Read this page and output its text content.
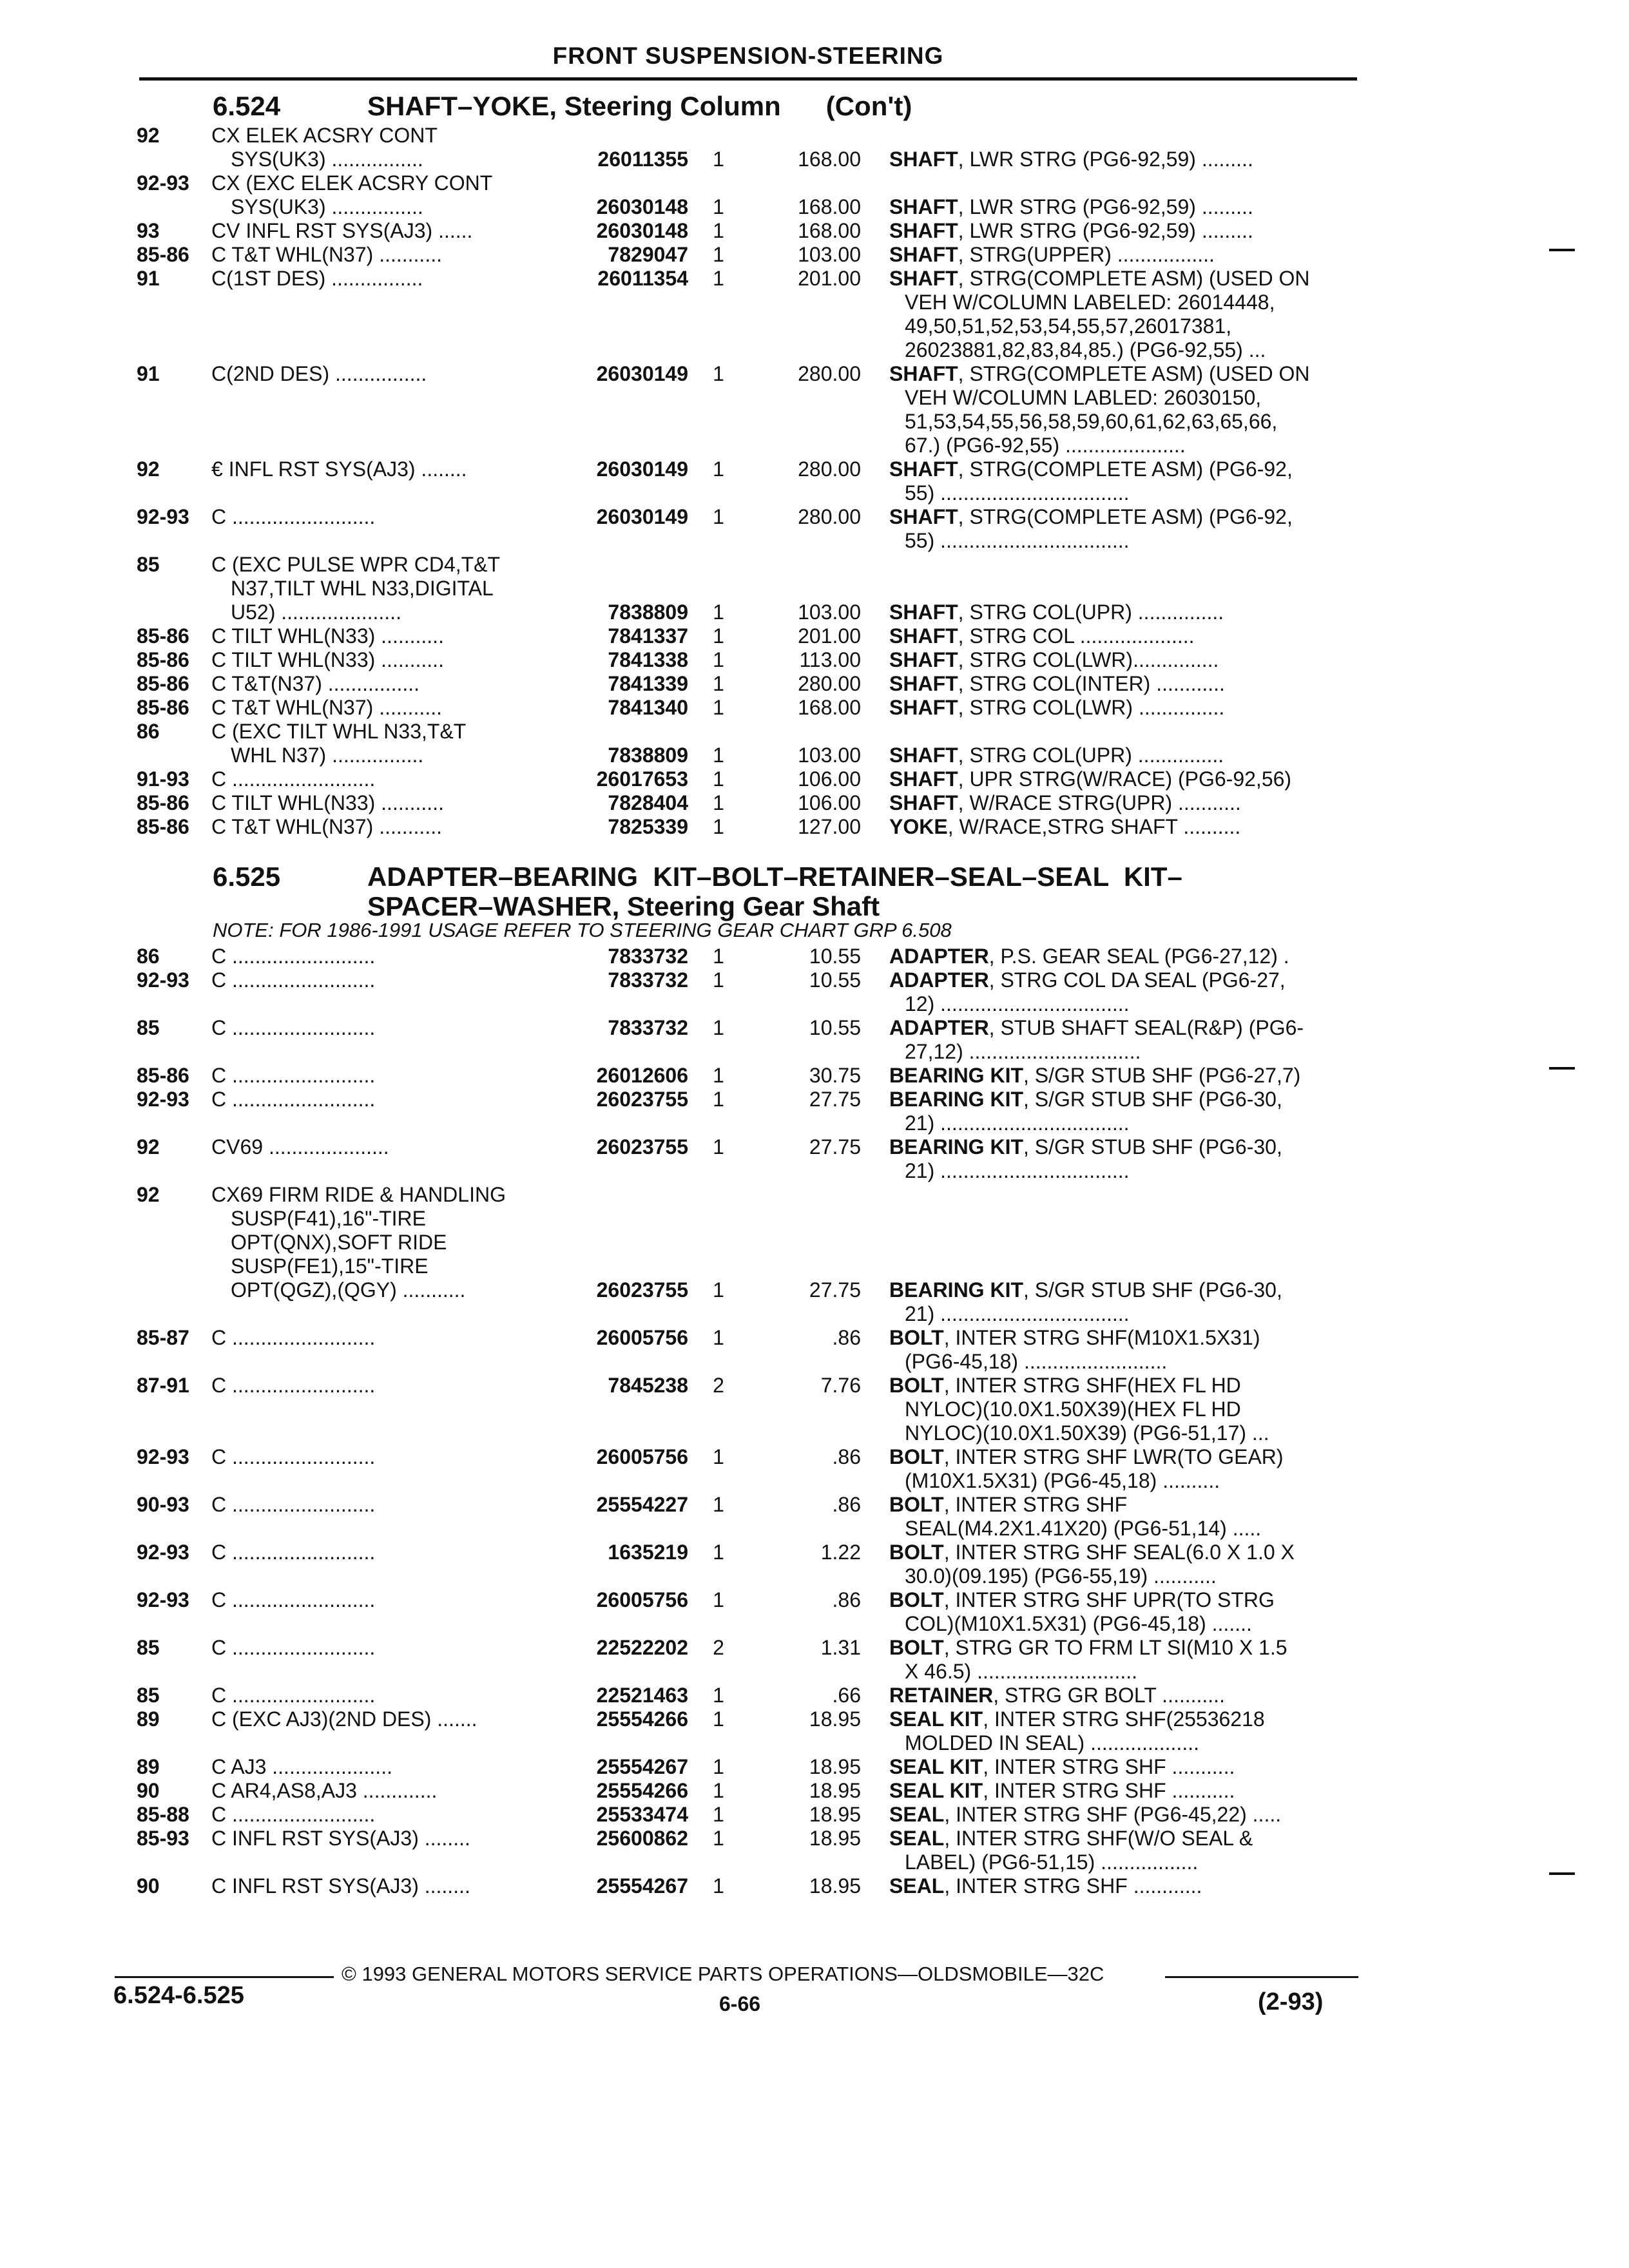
FRONT SUSPENSION-STEERING
6.524	SHAFT–YOKE, Steering Column      (Con't)
92	CX ELEK ACSRY CONT
SYS(UK3) ................	26011355 1	168.00 SHAFT, LWR STRG (PG6-92,59) .........
92-93	CX (EXC ELEK ACSRY CONT
SYS(UK3) ................	26030148 1	168.00 SHAFT, LWR STRG (PG6-92,59) .........
93	CV INFL RST SYS(AJ3) ......	26030148 1	168.00 SHAFT, LWR STRG (PG6-92,59) .........
85-86	C T&T WHL(N37) ...........	7829047 1	103.00 SHAFT, STRG(UPPER) .................
91	C(1ST DES) ................	26011354 1	201.00 SHAFT, STRG(COMPLETE ASM) (USED ON
VEH W/COLUMN LABELED: 26014448,
49,50,51,52,53,54,55,57,26017381,
26023881,82,83,84,85.) (PG6-92,55) ...
91	C(2ND DES) ................	26030149 1	280.00 SHAFT, STRG(COMPLETE ASM) (USED ON
VEH W/COLUMN LABLED: 26030150,
51,53,54,55,56,58,59,60,61,62,63,65,66,
67.) (PG6-92,55) .....................
92	€ INFL RST SYS(AJ3) ........	26030149 1	280.00 SHAFT, STRG(COMPLETE ASM) (PG6-92,
55) .................................
92-93	C .........................	26030149 1	280.00 SHAFT, STRG(COMPLETE ASM) (PG6-92,
55) .................................
85	C (EXC PULSE WPR CD4,T&T
N37,TILT WHL N33,DIGITAL
U52) .....................	7838809 1	103.00 SHAFT, STRG COL(UPR) ...............
85-86	C TILT WHL(N33) ...........	7841337 1	201.00 SHAFT, STRG COL ....................
85-86	C TILT WHL(N33) ...........	7841338 1	113.00 SHAFT, STRG COL(LWR)...............
85-86	C T&T(N37) ................	7841339 1	280.00 SHAFT, STRG COL(INTER) ............
85-86	C T&T WHL(N37) ...........	7841340 1	168.00 SHAFT, STRG COL(LWR) ...............
86	C (EXC TILT WHL N33,T&T
WHL N37) ................	7838809 1	103.00 SHAFT, STRG COL(UPR) ...............
91-93	C .........................	26017653 1	106.00 SHAFT, UPR STRG(W/RACE) (PG6-92,56)
85-86	C TILT WHL(N33) ...........	7828404 1	106.00 SHAFT, W/RACE STRG(UPR) ...........
85-86	C T&T WHL(N37) ...........	7825339 1	127.00 YOKE, W/RACE,STRG SHAFT ..........
6.525	ADAPTER–BEARING  KIT–BOLT–RETAINER–SEAL–SEAL  KIT–
SPACER–WASHER, Steering Gear Shaft
NOTE: FOR 1986-1991 USAGE REFER TO STEERING GEAR CHART GRP 6.508
86	C .........................	7833732 1	10.55 ADAPTER, P.S. GEAR SEAL (PG6-27,12) .
92-93	C .........................	7833732 1	10.55 ADAPTER, STRG COL DA SEAL (PG6-27,
12) .................................
85	C .........................	7833732 1	10.55 ADAPTER, STUB SHAFT SEAL(R&P) (PG6-
27,12) ..............................
85-86	C .........................	26012606 1	30.75 BEARING KIT, S/GR STUB SHF (PG6-27,7)
92-93	C .........................	26023755 1	27.75 BEARING KIT, S/GR STUB SHF (PG6-30,
21) .................................
92	CV69 .....................	26023755 1	27.75 BEARING KIT, S/GR STUB SHF (PG6-30,
21) .................................
92	CX69 FIRM RIDE & HANDLING
SUSP(F41),16"-TIRE
OPT(QNX),SOFT RIDE
SUSP(FE1),15"-TIRE
OPT(QGZ),(QGY) ...........	26023755 1	27.75 BEARING KIT, S/GR STUB SHF (PG6-30,
21) .................................
85-87	C .........................	26005756 1	.86 BOLT, INTER STRG SHF(M10X1.5X31)
(PG6-45,18) .........................
87-91	C .........................	7845238 2	7.76 BOLT, INTER STRG SHF(HEX FL HD
NYLOC)(10.0X1.50X39)(HEX FL HD
NYLOC)(10.0X1.50X39) (PG6-51,17) ...
92-93	C .........................	26005756 1	.86 BOLT, INTER STRG SHF LWR(TO GEAR)
(M10X1.5X31) (PG6-45,18) ..........
90-93	C .........................	25554227 1	.86 BOLT, INTER STRG SHF
SEAL(M4.2X1.41X20) (PG6-51,14) .....
92-93	C .........................	1635219 1	1.22 BOLT, INTER STRG SHF SEAL(6.0 X 1.0 X
30.0)(09.195) (PG6-55,19) ...........
92-93	C .........................	26005756 1	.86 BOLT, INTER STRG SHF UPR(TO STRG
COL)(M10X1.5X31) (PG6-45,18) .......
85	C .........................	22522202 2	1.31 BOLT, STRG GR TO FRM LT SI(M10 X 1.5
X 46.5) ............................
85	C .........................	22521463 1	.66 RETAINER, STRG GR BOLT ...........
89	C (EXC AJ3)(2ND DES) .......	25554266 1	18.95 SEAL KIT, INTER STRG SHF(25536218
MOLDED IN SEAL) ...................
89	C AJ3 .....................	25554267 1	18.95 SEAL KIT, INTER STRG SHF ...........
90	C AR4,AS8,AJ3 .............	25554266 1	18.95 SEAL KIT, INTER STRG SHF ...........
85-88	C .........................	25533474 1	18.95 SEAL, INTER STRG SHF (PG6-45,22) .....
85-93	C INFL RST SYS(AJ3) ........	25600862 1	18.95 SEAL, INTER STRG SHF(W/O SEAL &
LABEL) (PG6-51,15) .................
90	C INFL RST SYS(AJ3) ........	25554267 1	18.95 SEAL, INTER STRG SHF ............
© 1993 GENERAL MOTORS SERVICE PARTS OPERATIONS—OLDSMOBILE—32C
6.524-6.525	6-66	(2-93)
